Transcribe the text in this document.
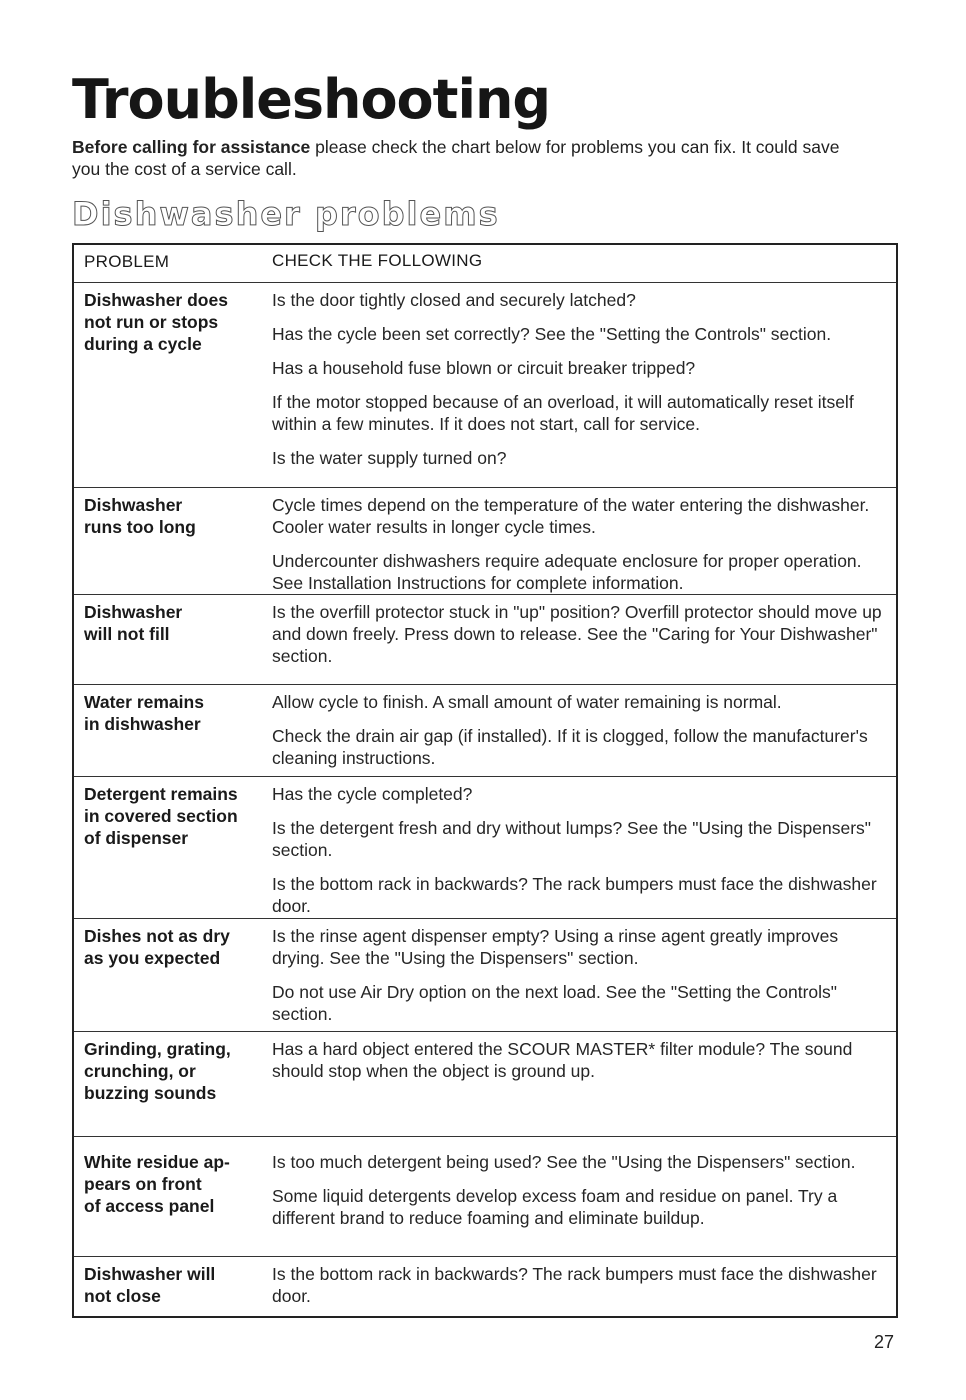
Troubleshooting

Before calling for assistance please check the chart below for problems you can fix. It could save you the cost of a service call.

Dishwasher problems
PROBLEM	CHECK THE FOLLOWING
Dishwasher does
not run or stops
during a cycle

Is the door tightly closed and securely latched?

Has the cycle been set correctly? See the "Setting the Controls" section.

Has a household fuse blown or circuit breaker tripped?

If the motor stopped because of an overload, it will automatically reset itself within a few minutes. If it does not start, call for service.

Is the water supply turned on?

Dishwasher
runs too long

Cycle times depend on the temperature of the water entering the dishwasher. Cooler water results in longer cycle times.

Undercounter dishwashers require adequate enclosure for proper operation. See Installation Instructions for complete information.

Dishwasher
will not fill

Is the overfill protector stuck in "up" position? Overfill protector should move up and down freely. Press down to release. See the "Caring for Your Dishwasher" section.

Water remains
in dishwasher

Allow cycle to finish. A small amount of water remaining is normal.

Check the drain air gap (if installed). If it is clogged, follow the manufacturer's cleaning instructions.

Detergent remains
in covered section
of dispenser

Has the cycle completed?

Is the detergent fresh and dry without lumps? See the "Using the Dispensers" section.

Is the bottom rack in backwards? The rack bumpers must face the dishwasher door.

Dishes not as dry
as you expected

Is the rinse agent dispenser empty? Using a rinse agent greatly improves drying. See the "Using the Dispensers" section.

Do not use Air Dry option on the next load. See the "Setting the Controls" section.

Grinding, grating,
crunching, or
buzzing sounds

Has a hard object entered the SCOUR MASTER* filter module? The sound should stop when the object is ground up.

White residue ap-
pears on front
of access panel

Is too much detergent being used? See the "Using the Dispensers" section.

Some liquid detergents develop excess foam and residue on panel. Try a different brand to reduce foaming and eliminate buildup.

Dishwasher will
not close

Is the bottom rack in backwards? The rack bumpers must face the dishwasher door.

27
